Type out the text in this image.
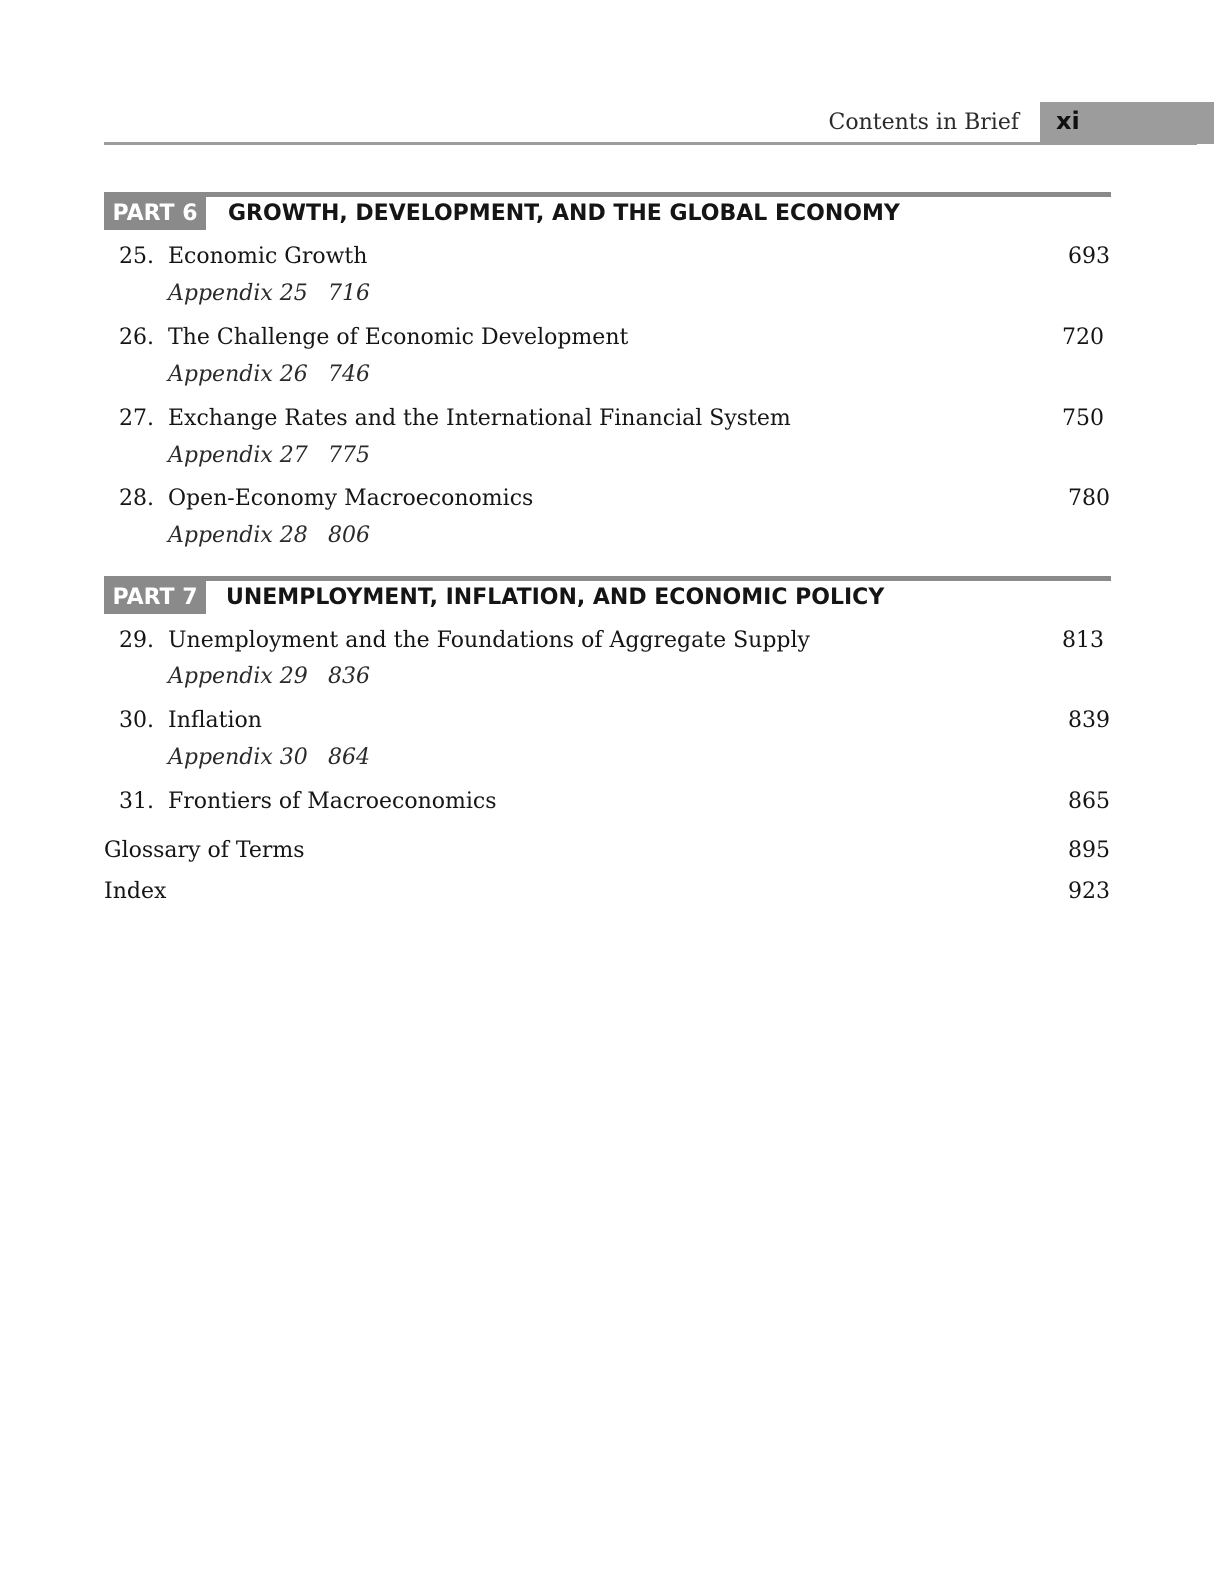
Contents in Brief xi
PART 6	GROWTH, DEVELOPMENT, AND THE GLOBAL ECONOMY
25. Economic Growth	693
Appendix 25 716
26. The Challenge of Economic Development	720
Appendix 26 746
27. Exchange Rates and the International Financial System	750
Appendix 27 775
28. Open-Economy Macroeconomics	780
Appendix 28 806
PART 7	UNEMPLOYMENT, INFLATION, AND ECONOMIC POLICY
29. Unemployment and the Foundations of Aggregate Supply	813
Appendix 29 836
30. Inflation	839
Appendix 30 864
31. Frontiers of Macroeconomics	865
Glossary of Terms	895
Index	923
